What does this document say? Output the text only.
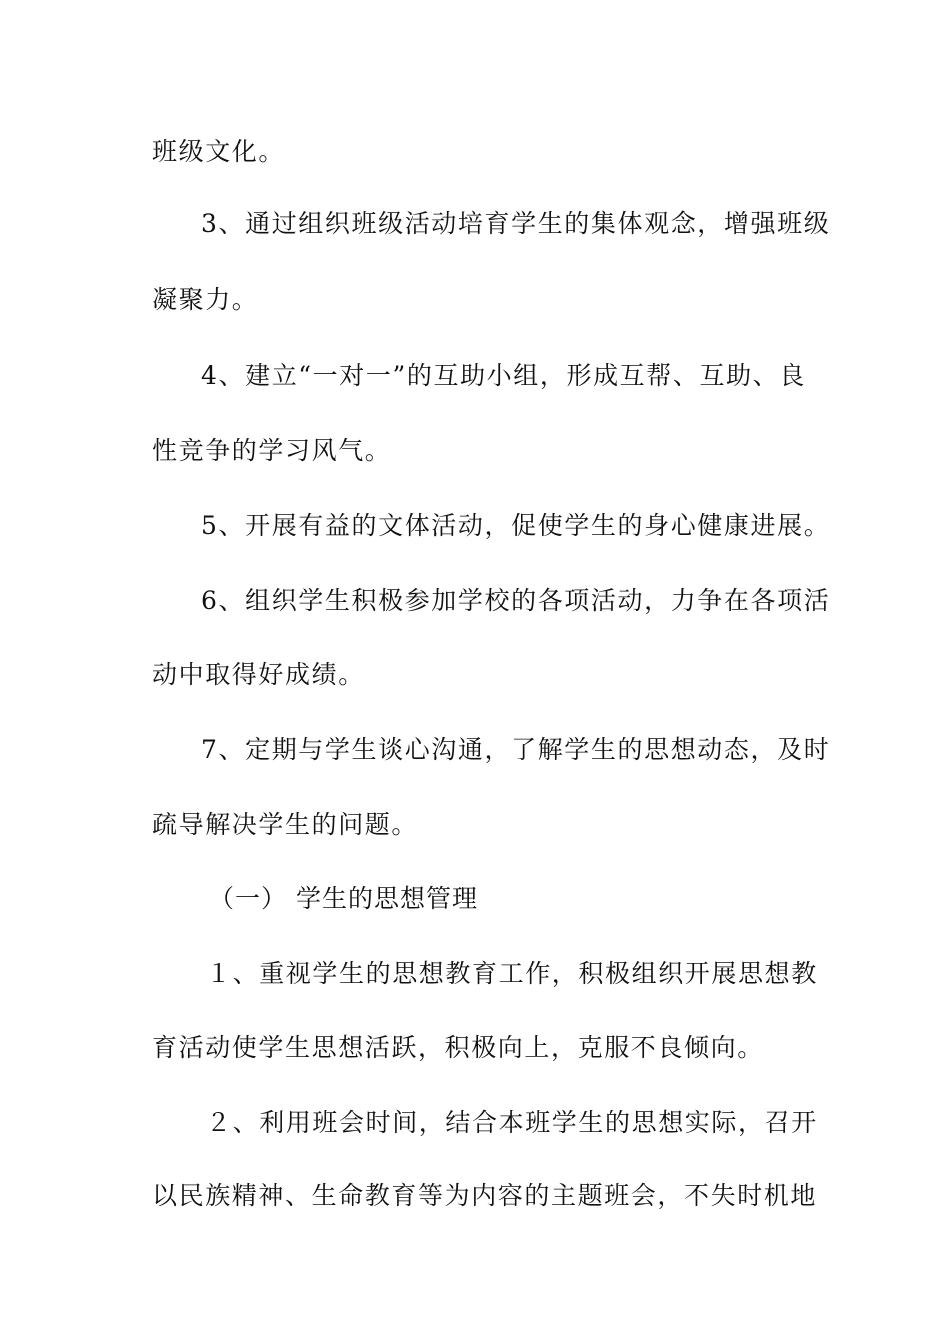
班级文化。
3、通过组织班级活动培育学生的集体观念，增强班级
凝聚力。
4、建立“一对一”的互助小组，形成互帮、互助、良
性竞争的学习风气。
5、开展有益的文体活动，促使学生的身心健康进展。
6、组织学生积极参加学校的各项活动，力争在各项活
动中取得好成绩。
7、定期与学生谈心沟通，了解学生的思想动态，及时
疏导解决学生的问题。
（一） 学生的思想管理
１、重视学生的思想教育工作，积极组织开展思想教
育活动使学生思想活跃，积极向上，克服不良倾向。
２、利用班会时间，结合本班学生的思想实际，召开
以民族精神、生命教育等为内容的主题班会，不失时机地
